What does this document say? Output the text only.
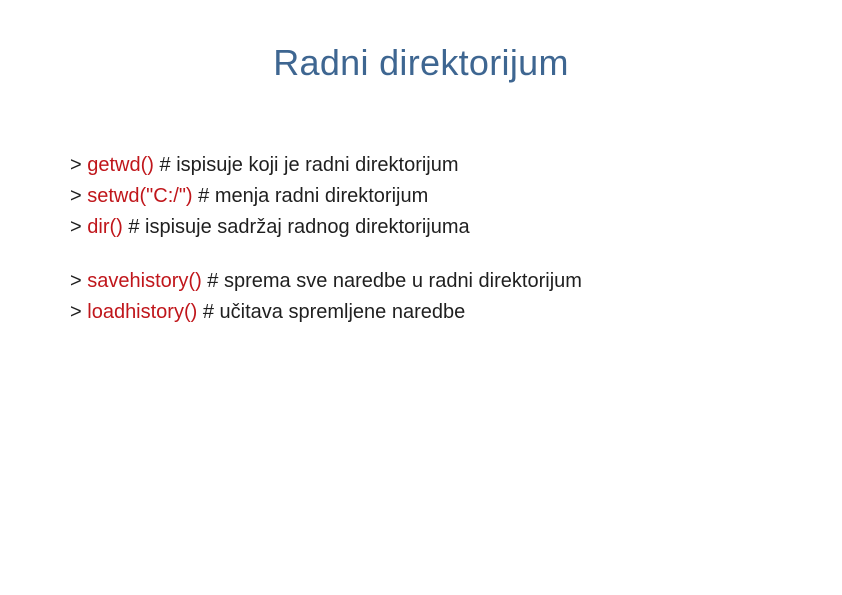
Radni direktorijum
> getwd() # ispisuje koji je radni direktorijum
> setwd("C:/") # menja radni direktorijum
> dir() # ispisuje sadržaj radnog direktorijuma
> savehistory() # sprema sve naredbe u radni direktorijum
> loadhistory() # učitava spremljene naredbe
